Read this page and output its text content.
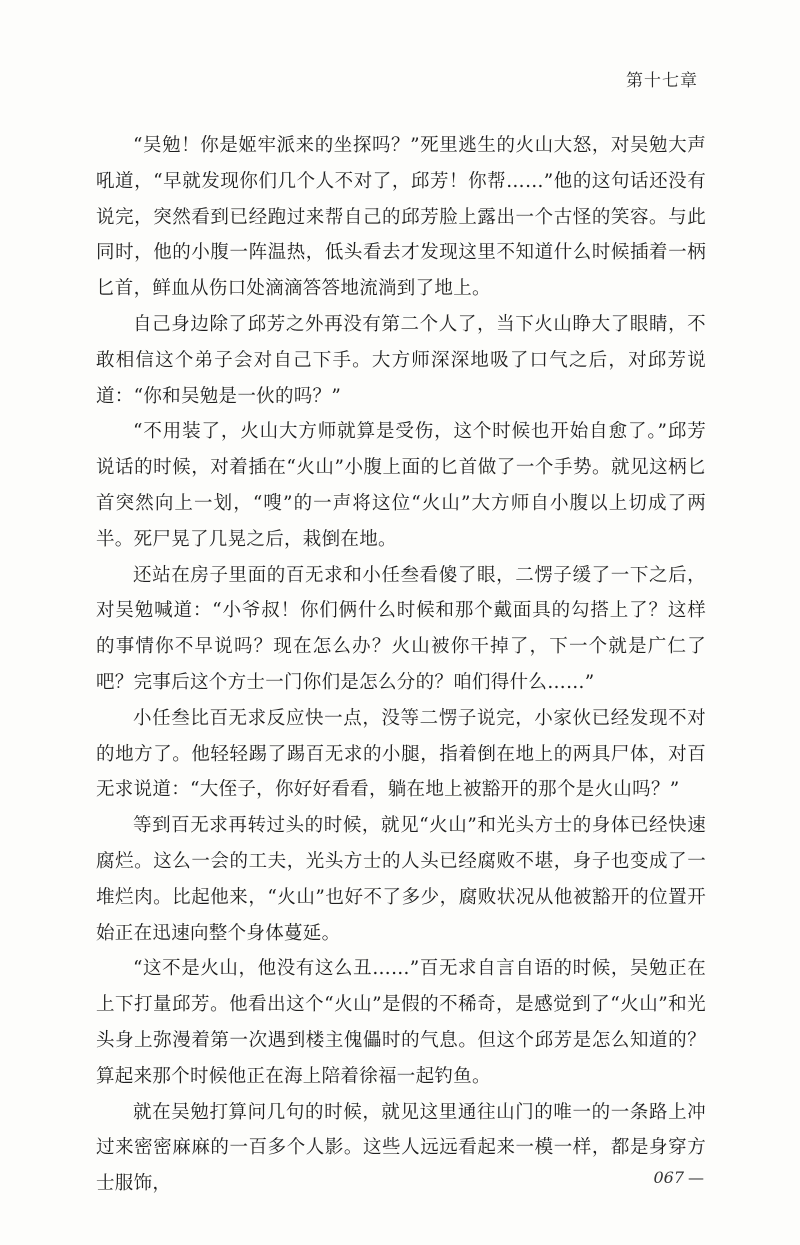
第十七章

“吴勉！你是姬牢派来的坐探吗？”死里逃生的火山大怒，对吴勉大声吼道，“早就发现你们几个人不对了，邱芳！你帮……”他的这句话还没有说完，突然看到已经跑过来帮自己的邱芳脸上露出一个古怪的笑容。与此同时，他的小腹一阵温热，低头看去才发现这里不知道什么时候插着一柄匕首，鲜血从伤口处滴滴答答地流淌到了地上。

自己身边除了邱芳之外再没有第二个人了，当下火山睁大了眼睛，不敢相信这个弟子会对自己下手。大方师深深地吸了口气之后，对邱芳说道：“你和吴勉是一伙的吗？”

“不用装了，火山大方师就算是受伤，这个时候也开始自愈了。”邱芳说话的时候，对着插在“火山”小腹上面的匕首做了一个手势。就见这柄匕首突然向上一划，“嗖”的一声将这位“火山”大方师自小腹以上切成了两半。死尸晃了几晃之后，栽倒在地。

还站在房子里面的百无求和小任叁看傻了眼，二愣子缓了一下之后，对吴勉喊道：“小爷叔！你们俩什么时候和那个戴面具的勾搭上了？这样的事情你不早说吗？现在怎么办？火山被你干掉了，下一个就是广仁了吧？完事后这个方士一门你们是怎么分的？咱们得什么……”

小任叁比百无求反应快一点，没等二愣子说完，小家伙已经发现不对的地方了。他轻轻踢了踢百无求的小腿，指着倒在地上的两具尸体，对百无求说道：“大侄子，你好好看看，躺在地上被豁开的那个是火山吗？”

等到百无求再转过头的时候，就见“火山”和光头方士的身体已经快速腐烂。这么一会的工夫，光头方士的人头已经腐败不堪，身子也变成了一堆烂肉。比起他来，“火山”也好不了多少，腐败状况从他被豁开的位置开始正在迅速向整个身体蔓延。

“这不是火山，他没有这么丑……”百无求自言自语的时候，吴勉正在上下打量邱芳。他看出这个“火山”是假的不稀奇，是感觉到了“火山”和光头身上弥漫着第一次遇到楼主傀儡时的气息。但这个邱芳是怎么知道的？算起来那个时候他正在海上陪着徐福一起钓鱼。

就在吴勉打算问几句的时候，就见这里通往山门的唯一的一条路上冲过来密密麻麻的一百多个人影。这些人远远看起来一模一样，都是身穿方士服饰，	067 —
